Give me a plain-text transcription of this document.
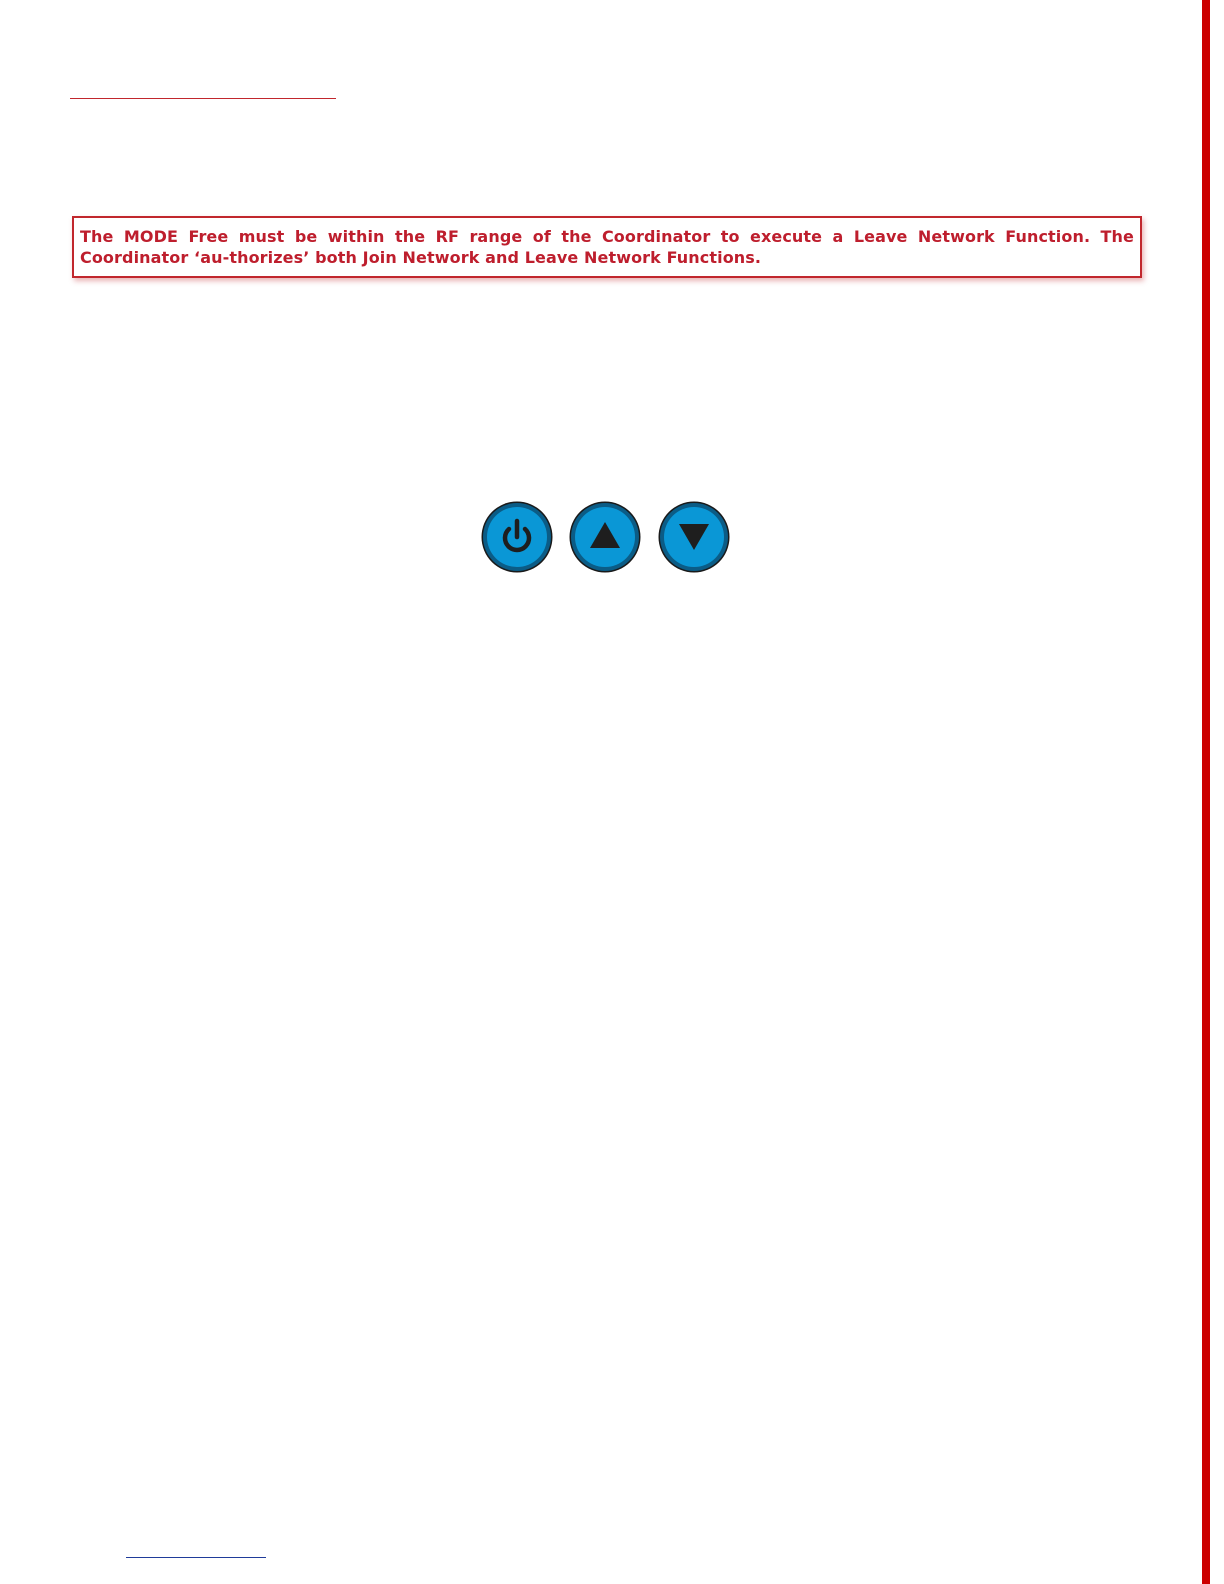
The MODE Free must be within the RF range of the Coordinator to execute a Leave Network Function. The Coordinator ‘au-thorizes’ both Join Network and Leave Network Functions.
